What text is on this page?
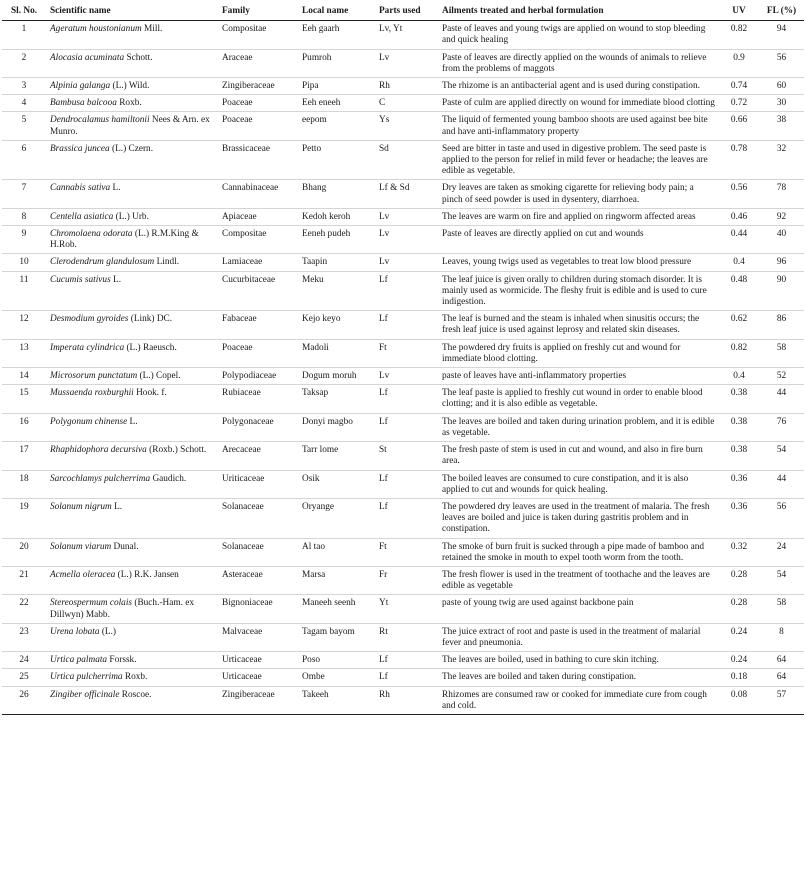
Sl. No.	Scientific name	Family	Local name	Parts used	Ailments treated and herbal formulation	UV	FL (%)
1	Ageratum houstonianum Mill.	Compositae	Eeh gaarh	Lv, Yt	Paste of leaves and young twigs are applied on wound to stop bleeding and quick healing	0.82	94
2	Alocasia acuminata Schott.	Araceae	Pumroh	Lv	Paste of leaves are directly applied on the wounds of animals to relieve from the problems of maggots	0.9	56
3	Alpinia galanga (L.) Wild.	Zingiberaceae	Pipa	Rh	The rhizome is an antibacterial agent and is used during constipation.	0.74	60
4	Bambusa balcooa Roxb.	Poaceae	Eeh eneeh	C	Paste of culm are applied directly on wound for immediate blood clotting	0.72	30
5	Dendrocalamus hamiltonii Nees & Arn. ex Munro.	Poaceae	eepom	Ys	The liquid of fermented young bamboo shoots are used against bee bite and have anti-inflammatory property	0.66	38
6	Brassica juncea (L.) Czern.	Brassicaceae	Petto	Sd	Seed are bitter in taste and used in digestive problem. The seed paste is applied to the person for relief in mild fever or headache; the leaves are edible as vegetable.	0.78	32
7	Cannabis sativa L.	Cannabinaceae	Bhang	Lf & Sd	Dry leaves are taken as smoking cigarette for relieving body pain; a pinch of seed powder is used in dysentery, diarrhoea.	0.56	78
8	Centella asiatica (L.) Urb.	Apiaceae	Kedoh keroh	Lv	The leaves are warm on fire and applied on ringworm affected areas	0.46	92
9	Chromolaena odorata (L.) R.M.King & H.Rob.	Compositae	Eeneh pudeh	Lv	Paste of leaves are directly applied on cut and wounds	0.44	40
10	Clerodendrum glandulosum Lindl.	Lamiaceae	Taapin	Lv	Leaves, young twigs used as vegetables to treat low blood pressure	0.4	96
11	Cucumis sativus L.	Cucurbitaceae	Meku	Lf	The leaf juice is given orally to children during stomach disorder. It is mainly used as wormicide. The fleshy fruit is edible and is used to cure indigestion.	0.48	90
12	Desmodium gyroides (Link) DC.	Fabaceae	Kejo keyo	Lf	The leaf is burned and the steam is inhaled when sinusitis occurs; the fresh leaf juice is used against leprosy and related skin diseases.	0.62	86
13	Imperata cylindrica (L.) Raeusch.	Poaceae	Madoli	Ft	The powdered dry fruits is applied on freshly cut and wound for immediate blood clotting.	0.82	58
14	Microsorum punctatum (L.) Copel.	Polypodiaceae	Dogum moruh	Lv	paste of leaves have anti-inflammatory properties	0.4	52
15	Mussaenda roxburghii Hook. f.	Rubiaceae	Taksap	Lf	The leaf paste is applied to freshly cut wound in order to enable blood clotting; and it is also edible as vegetable.	0.38	44
16	Polygonum chinense L.	Polygonaceae	Donyi magbo	Lf	The leaves are boiled and taken during urination problem, and it is edible as vegetable.	0.38	76
17	Rhaphidophora decursiva (Roxb.) Schott.	Arecaceae	Tarr lome	St	The fresh paste of stem is used in cut and wound, and also in fire burn area.	0.38	54
18	Sarcochlamys pulcherrima Gaudich.	Uriticaceae	Osik	Lf	The boiled leaves are consumed to cure constipation, and it is also applied to cut and wounds for quick healing.	0.36	44
19	Solanum nigrum L.	Solanaceae	Oryange	Lf	The powdered dry leaves are used in the treatment of malaria. The fresh leaves are boiled and juice is taken during gastritis problem and in constipation.	0.36	56
20	Solanum viarum Dunal.	Solanaceae	Al tao	Ft	The smoke of burn fruit is sucked through a pipe made of bamboo and retained the smoke in mouth to expel tooth worm from the tooth.	0.32	24
21	Acmella oleracea (L.) R.K. Jansen	Asteraceae	Marsa	Fr	The fresh flower is used in the treatment of toothache and the leaves are edible as vegetable	0.28	54
22	Stereospermum colais (Buch.-Ham. ex Dillwyn) Mabb.	Bignoniaceae	Maneeh seenh	Yt	paste of young twig are used against backbone pain	0.28	58
23	Urena lobata (L.)	Malvaceae	Tagam bayom	Rt	The juice extract of root and paste is used in the treatment of malarial fever and pneumonia.	0.24	8
24	Urtica palmata Forssk.	Urticaceae	Poso	Lf	The leaves are boiled, used in bathing to cure skin itching.	0.24	64
25	Urtica pulcherrima Roxb.	Urticaceae	Ombe	Lf	The leaves are boiled and taken during constipation.	0.18	64
26	Zingiber officinale Roscoe.	Zingiberaceae	Takeeh	Rh	Rhizomes are consumed raw or cooked for immediate cure from cough and cold.	0.08	57
